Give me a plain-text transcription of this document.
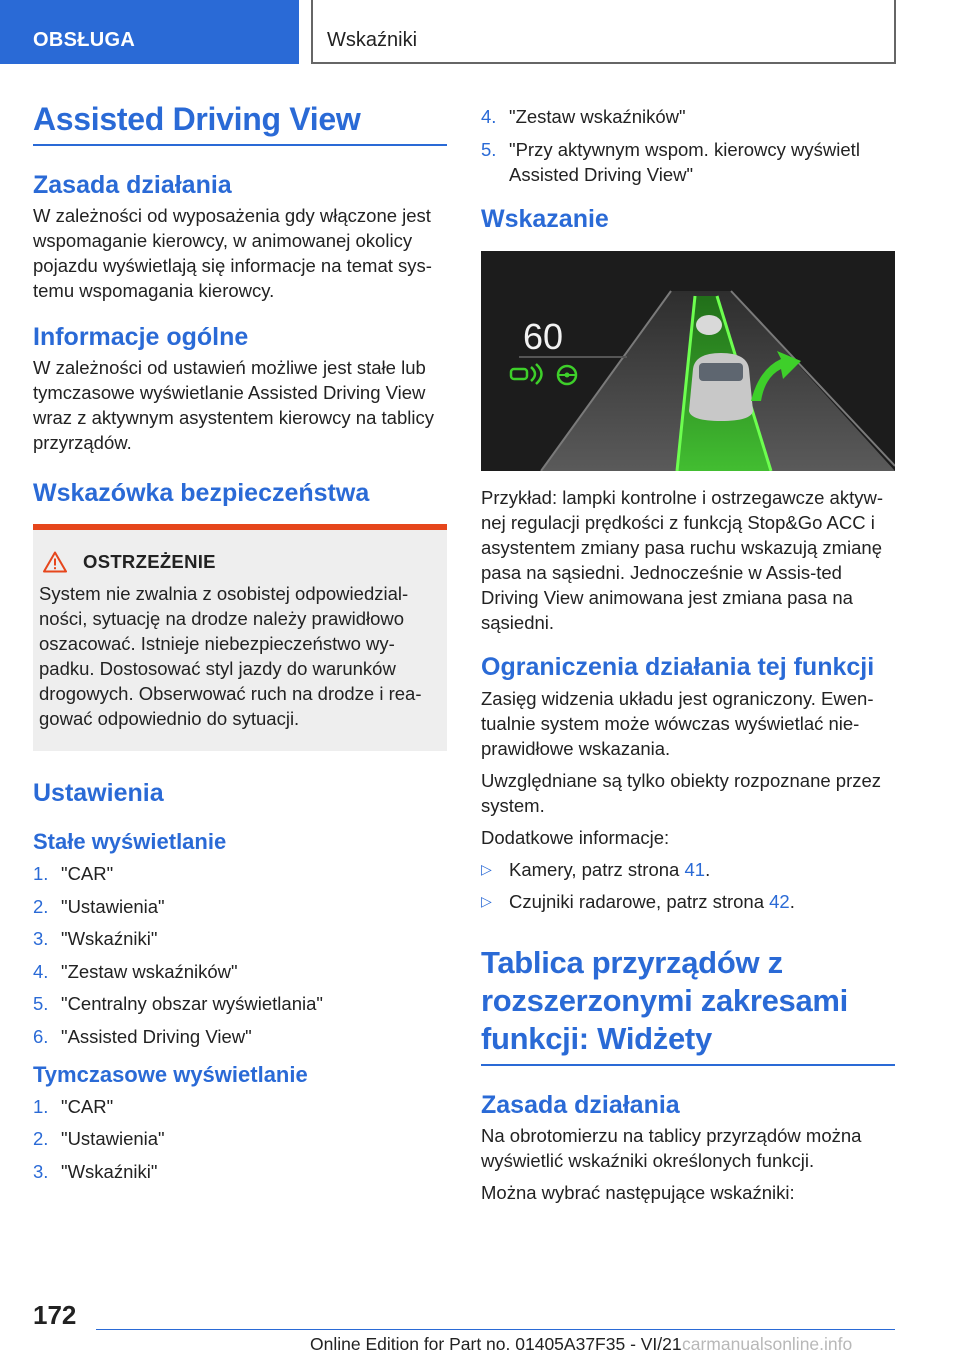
OBSŁUGA	Wskaźniki
Assisted Driving View
Zasada działania
W zależności od wyposażenia gdy włączone jest wspomaganie kierowcy, w animowanej okolicy pojazdu wyświetlają się informacje na temat sys-temu wspomagania kierowcy.
Informacje ogólne
W zależności od ustawień możliwe jest stałe lub tymczasowe wyświetlanie Assisted Driving View wraz z aktywnym asystentem kierowcy na tablicy przyrządów.
Wskazówka bezpieczeństwa
OSTRZEŻENIE
System nie zwalnia z osobistej odpowiedzial-ności, sytuację na drodze należy prawidłowo oszacować. Istnieje niebezpieczeństwo wy-padku. Dostosować styl jazdy do warunków drogowych. Obserwować ruch na drodze i rea-gować odpowiednio do sytuacji.
Ustawienia
Stałe wyświetlanie
1. "CAR"
2. "Ustawienia"
3. "Wskaźniki"
4. "Zestaw wskaźników"
5. "Centralny obszar wyświetlania"
6. "Assisted Driving View"
Tymczasowe wyświetlanie
1. "CAR"
2. "Ustawienia"
3. "Wskaźniki"
4. "Zestaw wskaźników"
5. "Przy aktywnym wspom. kierowcy wyświetl Assisted Driving View"
Wskazanie
60
Przykład: lampki kontrolne i ostrzegawcze aktyw-nej regulacji prędkości z funkcją Stop&Go ACC i asystentem zmiany pasa ruchu wskazują zmianę pasa na sąsiedni. Jednocześnie w Assis-ted Driving View animowana jest zmiana pasa na sąsiedni.
Ograniczenia działania tej funkcji
Zasięg widzenia układu jest ograniczony. Ewen-tualnie system może wówczas wyświetlać nie-prawidłowe wskazania.
Uwzględniane są tylko obiekty rozpoznane przez system.
Dodatkowe informacje:
▷ Kamery, patrz strona 41.
▷ Czujniki radarowe, patrz strona 42.
Tablica przyrządów z rozszerzonymi zakresami funkcji: Widżety
Zasada działania
Na obrotomierzu na tablicy przyrządów można wyświetlić wskaźniki określonych funkcji.
Można wybrać następujące wskaźniki:
172
Online Edition for Part no. 01405A37F35 - VI/21 carmanualsonline.info
